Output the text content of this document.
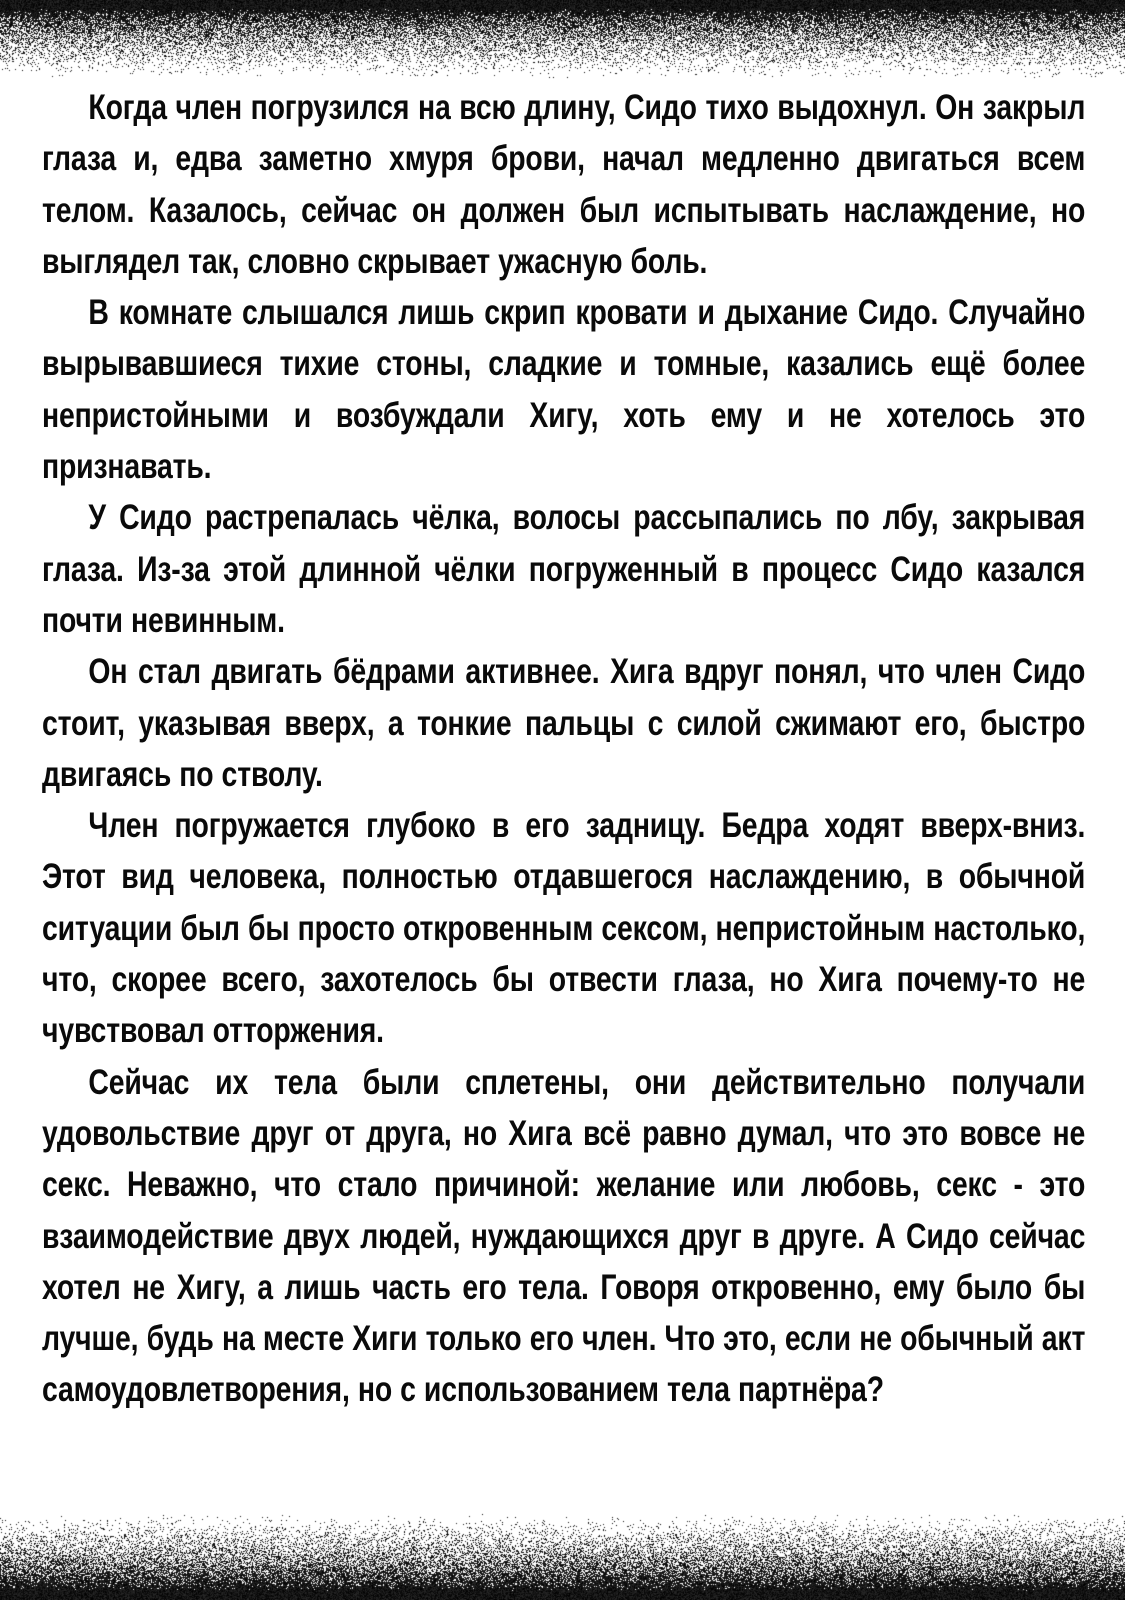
Когда член погрузился на всю длину, Сидо тихо выдохнул. Он закрыл глаза и, едва заметно хмуря брови, начал медленно двигаться всем телом. Казалось, сейчас он должен был испытывать наслаждение, но выглядел так, словно скрывает ужасную боль.

В комнате слышался лишь скрип кровати и дыхание Сидо. Случайно вырывавшиеся тихие стоны, сладкие и томные, казались ещё более непристойными и возбуждали Хигу, хоть ему и не хотелось это признавать.

У Сидо растрепалась чёлка, волосы рассыпались по лбу, закрывая глаза. Из-за этой длинной чёлки погруженный в процесс Сидо казался почти невинным.

Он стал двигать бёдрами активнее. Хига вдруг понял, что член Сидо стоит, указывая вверх, а тонкие пальцы с силой сжимают его, быстро двигаясь по стволу.

Член погружается глубоко в его задницу. Бедра ходят вверх-вниз. Этот вид человека, полностью отдавшегося наслаждению, в обычной ситуации был бы просто откровенным сексом, непристойным настолько, что, скорее всего, захотелось бы отвести глаза, но Хига почему-то не чувствовал отторжения.

Сейчас их тела были сплетены, они действительно получали удовольствие друг от друга, но Хига всё равно думал, что это вовсе не секс. Неважно, что стало причиной: желание или любовь, секс - это взаимодействие двух людей, нуждающихся друг в друге. А Сидо сейчас хотел не Хигу, а лишь часть его тела. Говоря откровенно, ему было бы лучше, будь на месте Хиги только его член. Что это, если не обычный акт самоудовлетворения, но с использованием тела партнёра?
